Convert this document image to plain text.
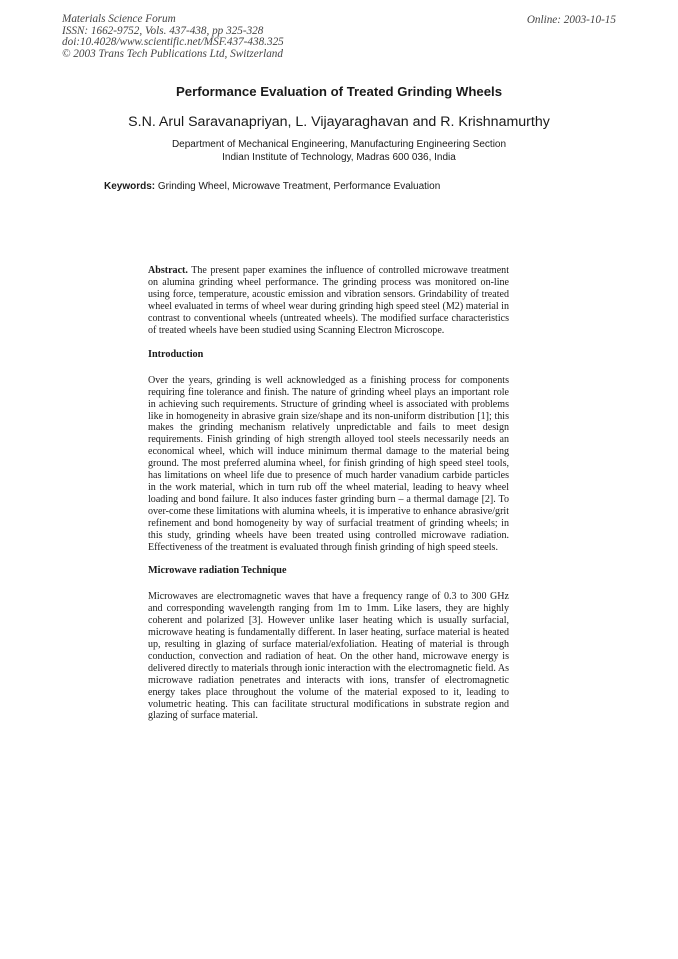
Materials Science Forum
ISSN: 1662-9752, Vols. 437-438, pp 325-328
doi:10.4028/www.scientific.net/MSF.437-438.325
© 2003 Trans Tech Publications Ltd, Switzerland
Online: 2003-10-15
Performance Evaluation of Treated Grinding Wheels
S.N. Arul Saravanapriyan, L. Vijayaraghavan and R. Krishnamurthy
Department of Mechanical Engineering, Manufacturing Engineering Section
Indian Institute of Technology, Madras 600 036, India
Keywords: Grinding Wheel, Microwave Treatment, Performance Evaluation

Abstract. The present paper examines the influence of controlled microwave treatment on alumina grinding wheel performance. The grinding process was monitored on-line using force, temperature, acoustic emission and vibration sensors. Grindability of treated wheel evaluated in terms of wheel wear during grinding high speed steel (M2) material in contrast to conventional wheels (untreated wheels). The modified surface characteristics of treated wheels have been studied using Scanning Electron Microscope.

Introduction

Over the years, grinding is well acknowledged as a finishing process for components requiring fine tolerance and finish. The nature of grinding wheel plays an important role in achieving such requirements. Structure of grinding wheel is associated with problems like in homogeneity in abrasive grain size/shape and its non-uniform distribution [1]; this makes the grinding mechanism relatively unpredictable and fails to meet design requirements. Finish grinding of high strength alloyed tool steels necessarily needs an economical wheel, which will induce minimum thermal damage to the material being ground. The most preferred alumina wheel, for finish grinding of high speed steel tools, has limitations on wheel life due to presence of much harder vanadium carbide particles in the work material, which in turn rub off the wheel material, leading to heavy wheel loading and bond failure. It also induces faster grinding burn – a thermal damage [2]. To over-come these limitations with alumina wheels, it is imperative to enhance abrasive/grit refinement and bond homogeneity by way of surfacial treatment of grinding wheels; in this study, grinding wheels have been treated using controlled microwave radiation. Effectiveness of the treatment is evaluated through finish grinding of high speed steels.

Microwave radiation Technique

Microwaves are electromagnetic waves that have a frequency range of 0.3 to 300 GHz and corresponding wavelength ranging from 1m to 1mm. Like lasers, they are highly coherent and polarized [3]. However unlike laser heating which is usually surfacial, microwave heating is fundamentally different. In laser heating, surface material is heated up, resulting in glazing of surface material/exfoliation. Heating of material is through conduction, convection and radiation of heat. On the other hand, microwave energy is delivered directly to materials through ionic interaction with the electromagnetic field. As microwave radiation penetrates and interacts with ions, transfer of electromagnetic energy takes place throughout the volume of the material exposed to it, leading to volumetric heating. This can facilitate structural modifications in substrate region and glazing of surface material.
